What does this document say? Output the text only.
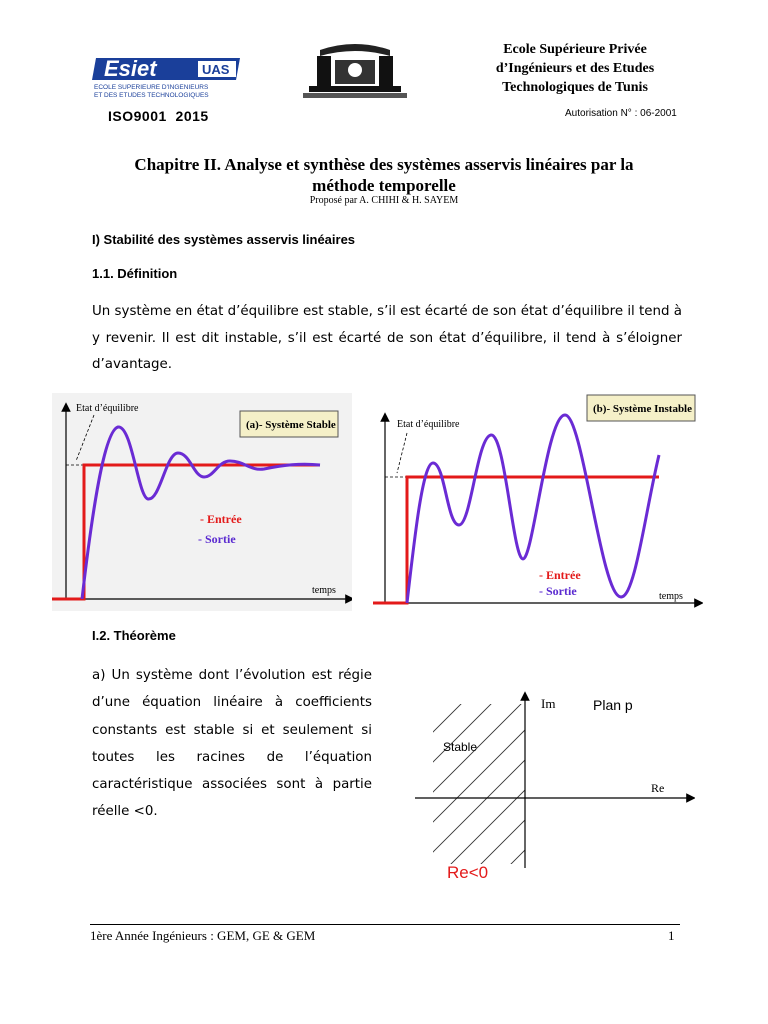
Esiet	UAS
ECOLE SUPERIEURE D'INGENIEURS
ET DES ETUDES TECHNOLOGIQUES
Ecole Supérieure Privée
d’Ingénieurs et des Etudes
Technologiques de Tunis
ISO9001  2015	Autorisation N° : 06-2001
Chapitre II. Analyse et synthèse des systèmes asservis linéaires par la
méthode temporelle
Proposé par A. CHIHI & H. SAYEM
I) Stabilité des systèmes asservis linéaires
1.1. Définition
Un système en état d’équilibre est stable, s’il est écarté de son état d’équilibre il tend à y revenir. Il est dit instable, s’il est écarté de son état d’équilibre, il tend à s’éloigner d’avantage.
Etat d’équilibre
(a)- Système Stable
- Entrée
- Sortie
temps
Etat d’équilibre
(b)- Système Instable
- Entrée
- Sortie	temps
I.2. Théorème
a) Un système dont l’évolution est régie d’une équation linéaire à coefficients constants est stable si et seulement si toutes les racines de l’équation caractéristique associées sont à partie réelle <0.
Im	Plan p
Stable
Re
Re<0
1ère Année Ingénieurs : GEM, GE & GEM	1
